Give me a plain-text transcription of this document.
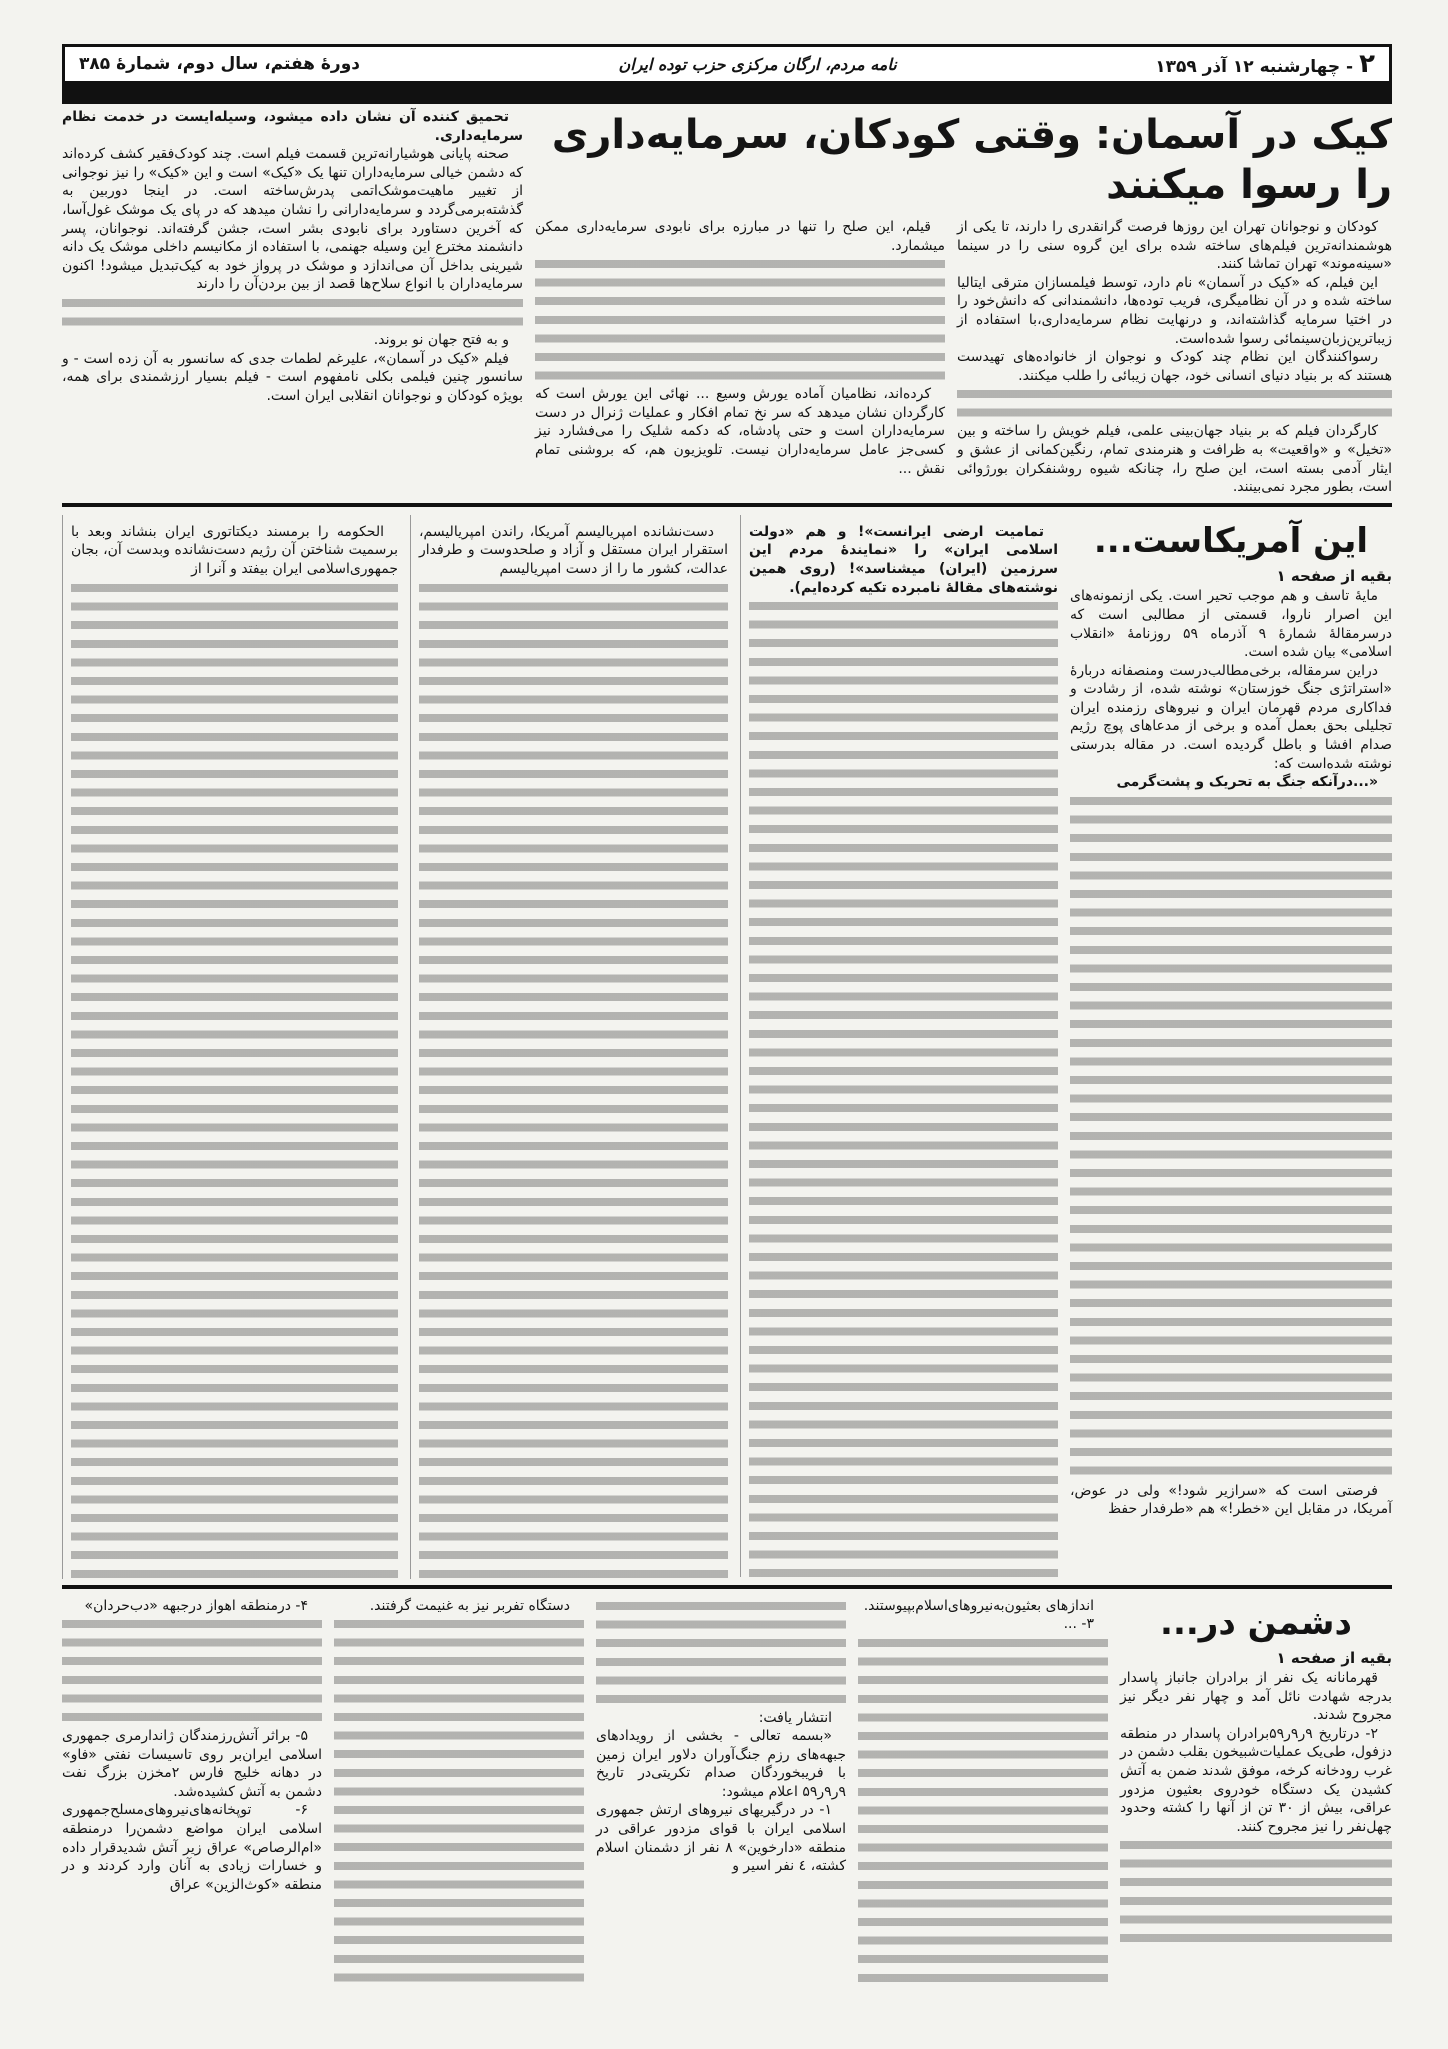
۲- چهارشنبه ۱۲ آذر ۱۳۵۹
نامه مردم، ارگان مرکزی حزب توده ایران
دورهٔ هفتم، سال دوم، شمارهٔ ۳۸۵
کیک در آسمان: وقتی کودکان، سرمایه‌داری را رسوا میکنند

کودکان و نوجوانان تهران این روزها فرصت گرانقدری را دارند، تا یکی از هوشمندانه‌ترین فیلم‌های ساخته شده برای این گروه سنی را در سینما «سینه‌موند» تهران تماشا کنند.

این فیلم، که «کیک در آسمان» نام دارد، توسط فیلمسازان مترقی ایتالیا ساخته شده و در آن نظامیگری، فریب توده‌ها، دانشمندانی که دانش‌خود را در اختیا سرمایه گذاشته‌اند، و درنهایت نظام سرمایه‌داری،با استفاده از زیباترین‌زبان‌سینمائی رسوا شده‌است.

رسواکنندگان این نظام چند کودک و نوجوان از خانواده‌های تهیدست هستند که بر بنیاد دنیای انسانی خود، جهان زیبائی را طلب میکنند.

کارگردان فیلم که بر بنیاد جهان‌بینی علمی، فیلم خویش را ساخته و بین «تخیل» و «واقعیت» به ظرافت و هنرمندی تمام، رنگین‌کمانی از عشق و ایثار آدمی بسته است، این صلح را، چنانکه شیوه روشنفکران بورژوائی است، بطور مجرد نمی‌بینند.

قیلم، این صلح را تنها در مبارزه برای نابودی سرمایه‌داری ممکن میشمارد.

کرده‌اند، نظامیان آماده یورش وسیع ... نهائی این یورش است که کارگردان نشان میدهد که سر نخ تمام افکار و عملیات ژنرال در دست سرمایه‌داران است و حتی پادشاه، که دکمه شلیک را می‌فشارد نیز کسی‌جز عامل سرمایه‌داران نیست. تلویزیون هم، که بروشنی تمام نقش ...

تحمیق کننده آن نشان داده میشود، وسیله‌ایست در خدمت نظام سرمایه‌داری.

صحنه پایانی هوشیارانه‌ترین قسمت فیلم است. چند کودک‌فقیر کشف کرده‌اند که دشمن خیالی سرمایه‌داران تنها یک «کیک» است و این «کیک» را نیز نوجوانی از تغییر ماهیت‌موشک‌اتمی پدرش‌ساخته است. در اینجا دوربین به گذشته‌برمی‌گردد و سرمایه‌دارانی را نشان میدهد که در پای یک موشک غول‌آسا، که آخرین دستاورد برای نابودی بشر است، جشن گرفته‌اند. نوجوانان، پسر دانشمند مخترع این وسیله جهنمی، با استفاده از مکانیسم داخلی موشک یک دانه شیرینی بداخل آن می‌اندازد و موشک در پرواز خود به کیک‌تبدیل میشود! اکنون سرمایه‌داران با انواع سلاح‌ها قصد از بین بردن‌آن را دارند

و به فتح جهان نو بروند.

فیلم «کیک در آسمان»، علیرغم لطمات جدی که سانسور به آن زده است - و سانسور چنین فیلمی بکلی نامفهوم است - فیلم بسیار ارزشمندی برای همه، بویژه کودکان و نوجوانان انقلابی ایران است.

این آمریکاست...
بقیه از صفحه ۱

مایهٔ تاسف و هم موجب تحیر است. یکی ازنمونه‌های این اصرار ناروا، قسمتی از مطالبی است که درسرمقالهٔ شمارهٔ ۹ آذرماه ۵۹ روزنامهٔ «انقلاب اسلامی» بیان شده است.

دراین سرمقاله، برخی‌مطالب‌درست ومنصفانه دربارهٔ «استراتژی جنگ خوزستان» نوشته شده، از رشادت و فداکاری مردم قهرمان ایران و نیروهای رزمنده ایران تجلیلی بحق بعمل آمده و برخی از مدعاهای پوچ رژیم صدام افشا و باطل گردیده است. در مقاله بدرستی نوشته شده‌است که:

«...درآنکه جنگ به تحریک و پشت‌گرمی

فرصتی است که «سرازیر شود!» ولی در عوض، آمریکا، در مقابل این «خطر!» هم «طرفدار حفظ

تمامیت ارضی ایرانست»! و هم «دولت اسلامی ایران» را «نمایندهٔ مردم این سرزمین (ایران) میشناسد»! (روی همین نوشته‌های مقالهٔ نامبرده تکیه کرده‌ایم).

دست‌نشانده امپریالیسم آمریکا، راندن امپریالیسم، استقرار ایران مستقل و آزاد و صلحدوست و طرفدار عدالت، کشور ما را از دست امپریالیسم

الحکومه را برمسند دیکتاتوری ایران بنشاند وبعد با برسمیت شناختن آن رژیم دست‌نشانده وبدست آن، بجان جمهوری‌اسلامی ایران بیفتد و آنرا از

دشمن در...
بقیه از صفحه ۱

قهرمانانه یک نفر از برادران جانباز پاسدار بدرجه شهادت نائل آمد و چهار نفر دیگر نیز مجروح شدند.

۲- درتاریخ ۹ر۹ر۵۹برادران پاسدار در منطقه دزفول، طی‌یک عملیات‌شبیخون بقلب دشمن در غرب رودخانه کرخه، موفق شدند ضمن به آتش کشیدن یک دستگاه خودروی بعثیون مزدور عراقی، بیش از ۳۰ تن از آنها را کشته وحدود چهل‌نفر را نیز مجروح کنند.

اندازهای بعثیون‌به‌نیروهای‌اسلام‌بپیوستند.

۳- ...

انتشار یافت:

«بسمه تعالی - بخشی از رویدادهای جبهه‌های رزم جنگ‌آوران دلاور ایران زمین با فریبخوردگان صدام تکریتی‌در تاریخ ۹ر۹ر۵۹ اعلام میشود:

۱- در درگیریهای نیروهای ارتش جمهوری اسلامی ایران با قوای مزدور عراقی در منطقه «دارخوین» ۸ نفر از دشمنان اسلام کشته، ٤ نفر اسیر و

دستگاه تفربر نیز به غنیمت گرفتند.

۴- درمنطقه اهواز درجبهه «دب‌حردان»

۵- براثر آتش‌رزمندگان ژاندارمری جمهوری اسلامی ایران‌بر روی تاسیسات نفتی «فاو» در دهانه خلیج فارس ۲مخزن بزرگ نفت دشمن به آتش کشیده‌شد.

۶- توپخانه‌های‌نیروهای‌مسلح‌جمهوری اسلامی ایران مواضع دشمن‌را درمنطقه «ام‌الرصاص» عراق زیر آتش شدیدقرار داده و خسارات زیادی به آنان وارد کردند و در منطقه «کوث‌الزین» عراق
